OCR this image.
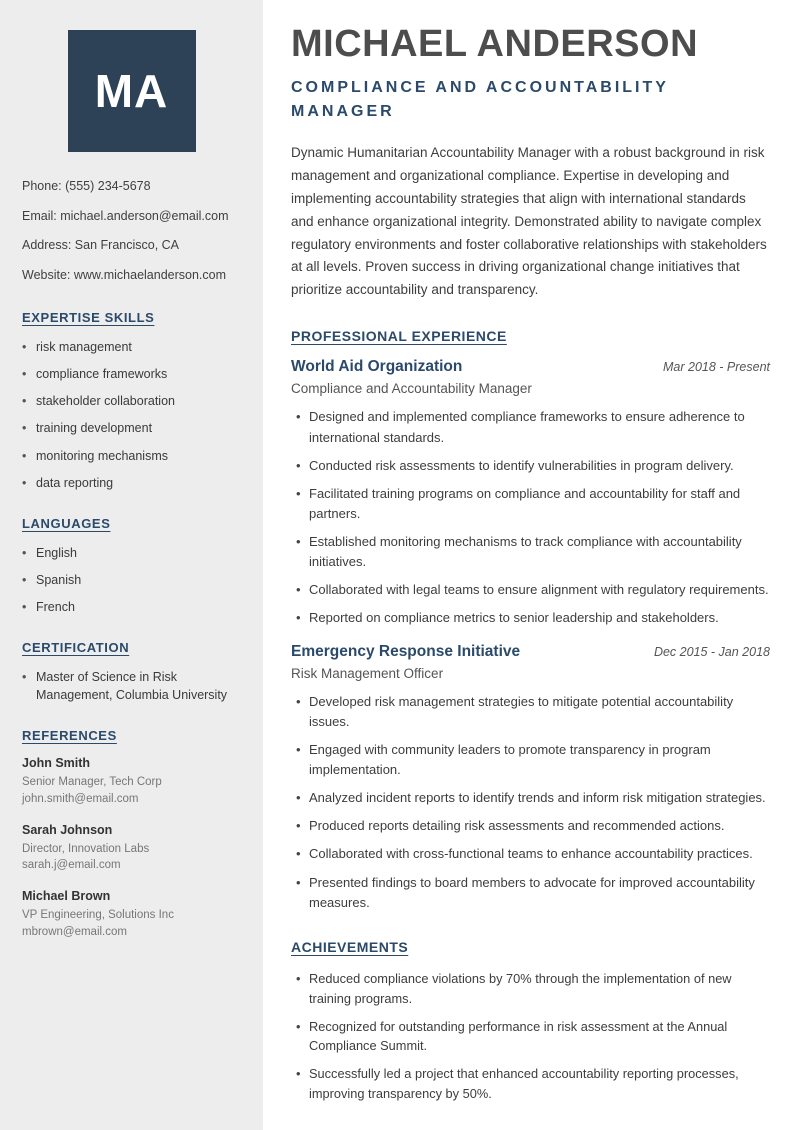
MA
Phone: (555) 234-5678
Email: michael.anderson@email.com
Address: San Francisco, CA
Website: www.michaelanderson.com
EXPERTISE SKILLS
• risk management
• compliance frameworks
• stakeholder collaboration
• training development
• monitoring mechanisms
• data reporting
LANGUAGES
• English
• Spanish
• French
CERTIFICATION
• Master of Science in Risk Management, Columbia University
REFERENCES
John Smith
Senior Manager, Tech Corp
john.smith@email.com
Sarah Johnson
Director, Innovation Labs
sarah.j@email.com
Michael Brown
VP Engineering, Solutions Inc
mbrown@email.com
MICHAEL ANDERSON
COMPLIANCE AND ACCOUNTABILITY MANAGER

Dynamic Humanitarian Accountability Manager with a robust background in risk management and organizational compliance. Expertise in developing and implementing accountability strategies that align with international standards and enhance organizational integrity. Demonstrated ability to navigate complex regulatory environments and foster collaborative relationships with stakeholders at all levels. Proven success in driving organizational change initiatives that prioritize accountability and transparency.

PROFESSIONAL EXPERIENCE
World Aid Organization	Mar 2018 - Present
Compliance and Accountability Manager
• Designed and implemented compliance frameworks to ensure adherence to international standards.
• Conducted risk assessments to identify vulnerabilities in program delivery.
• Facilitated training programs on compliance and accountability for staff and partners.
• Established monitoring mechanisms to track compliance with accountability initiatives.
• Collaborated with legal teams to ensure alignment with regulatory requirements.
• Reported on compliance metrics to senior leadership and stakeholders.
Emergency Response Initiative	Dec 2015 - Jan 2018
Risk Management Officer
• Developed risk management strategies to mitigate potential accountability issues.
• Engaged with community leaders to promote transparency in program implementation.
• Analyzed incident reports to identify trends and inform risk mitigation strategies.
• Produced reports detailing risk assessments and recommended actions.
• Collaborated with cross-functional teams to enhance accountability practices.
• Presented findings to board members to advocate for improved accountability measures.
ACHIEVEMENTS
• Reduced compliance violations by 70% through the implementation of new training programs.
• Recognized for outstanding performance in risk assessment at the Annual Compliance Summit.
• Successfully led a project that enhanced accountability reporting processes, improving transparency by 50%.
